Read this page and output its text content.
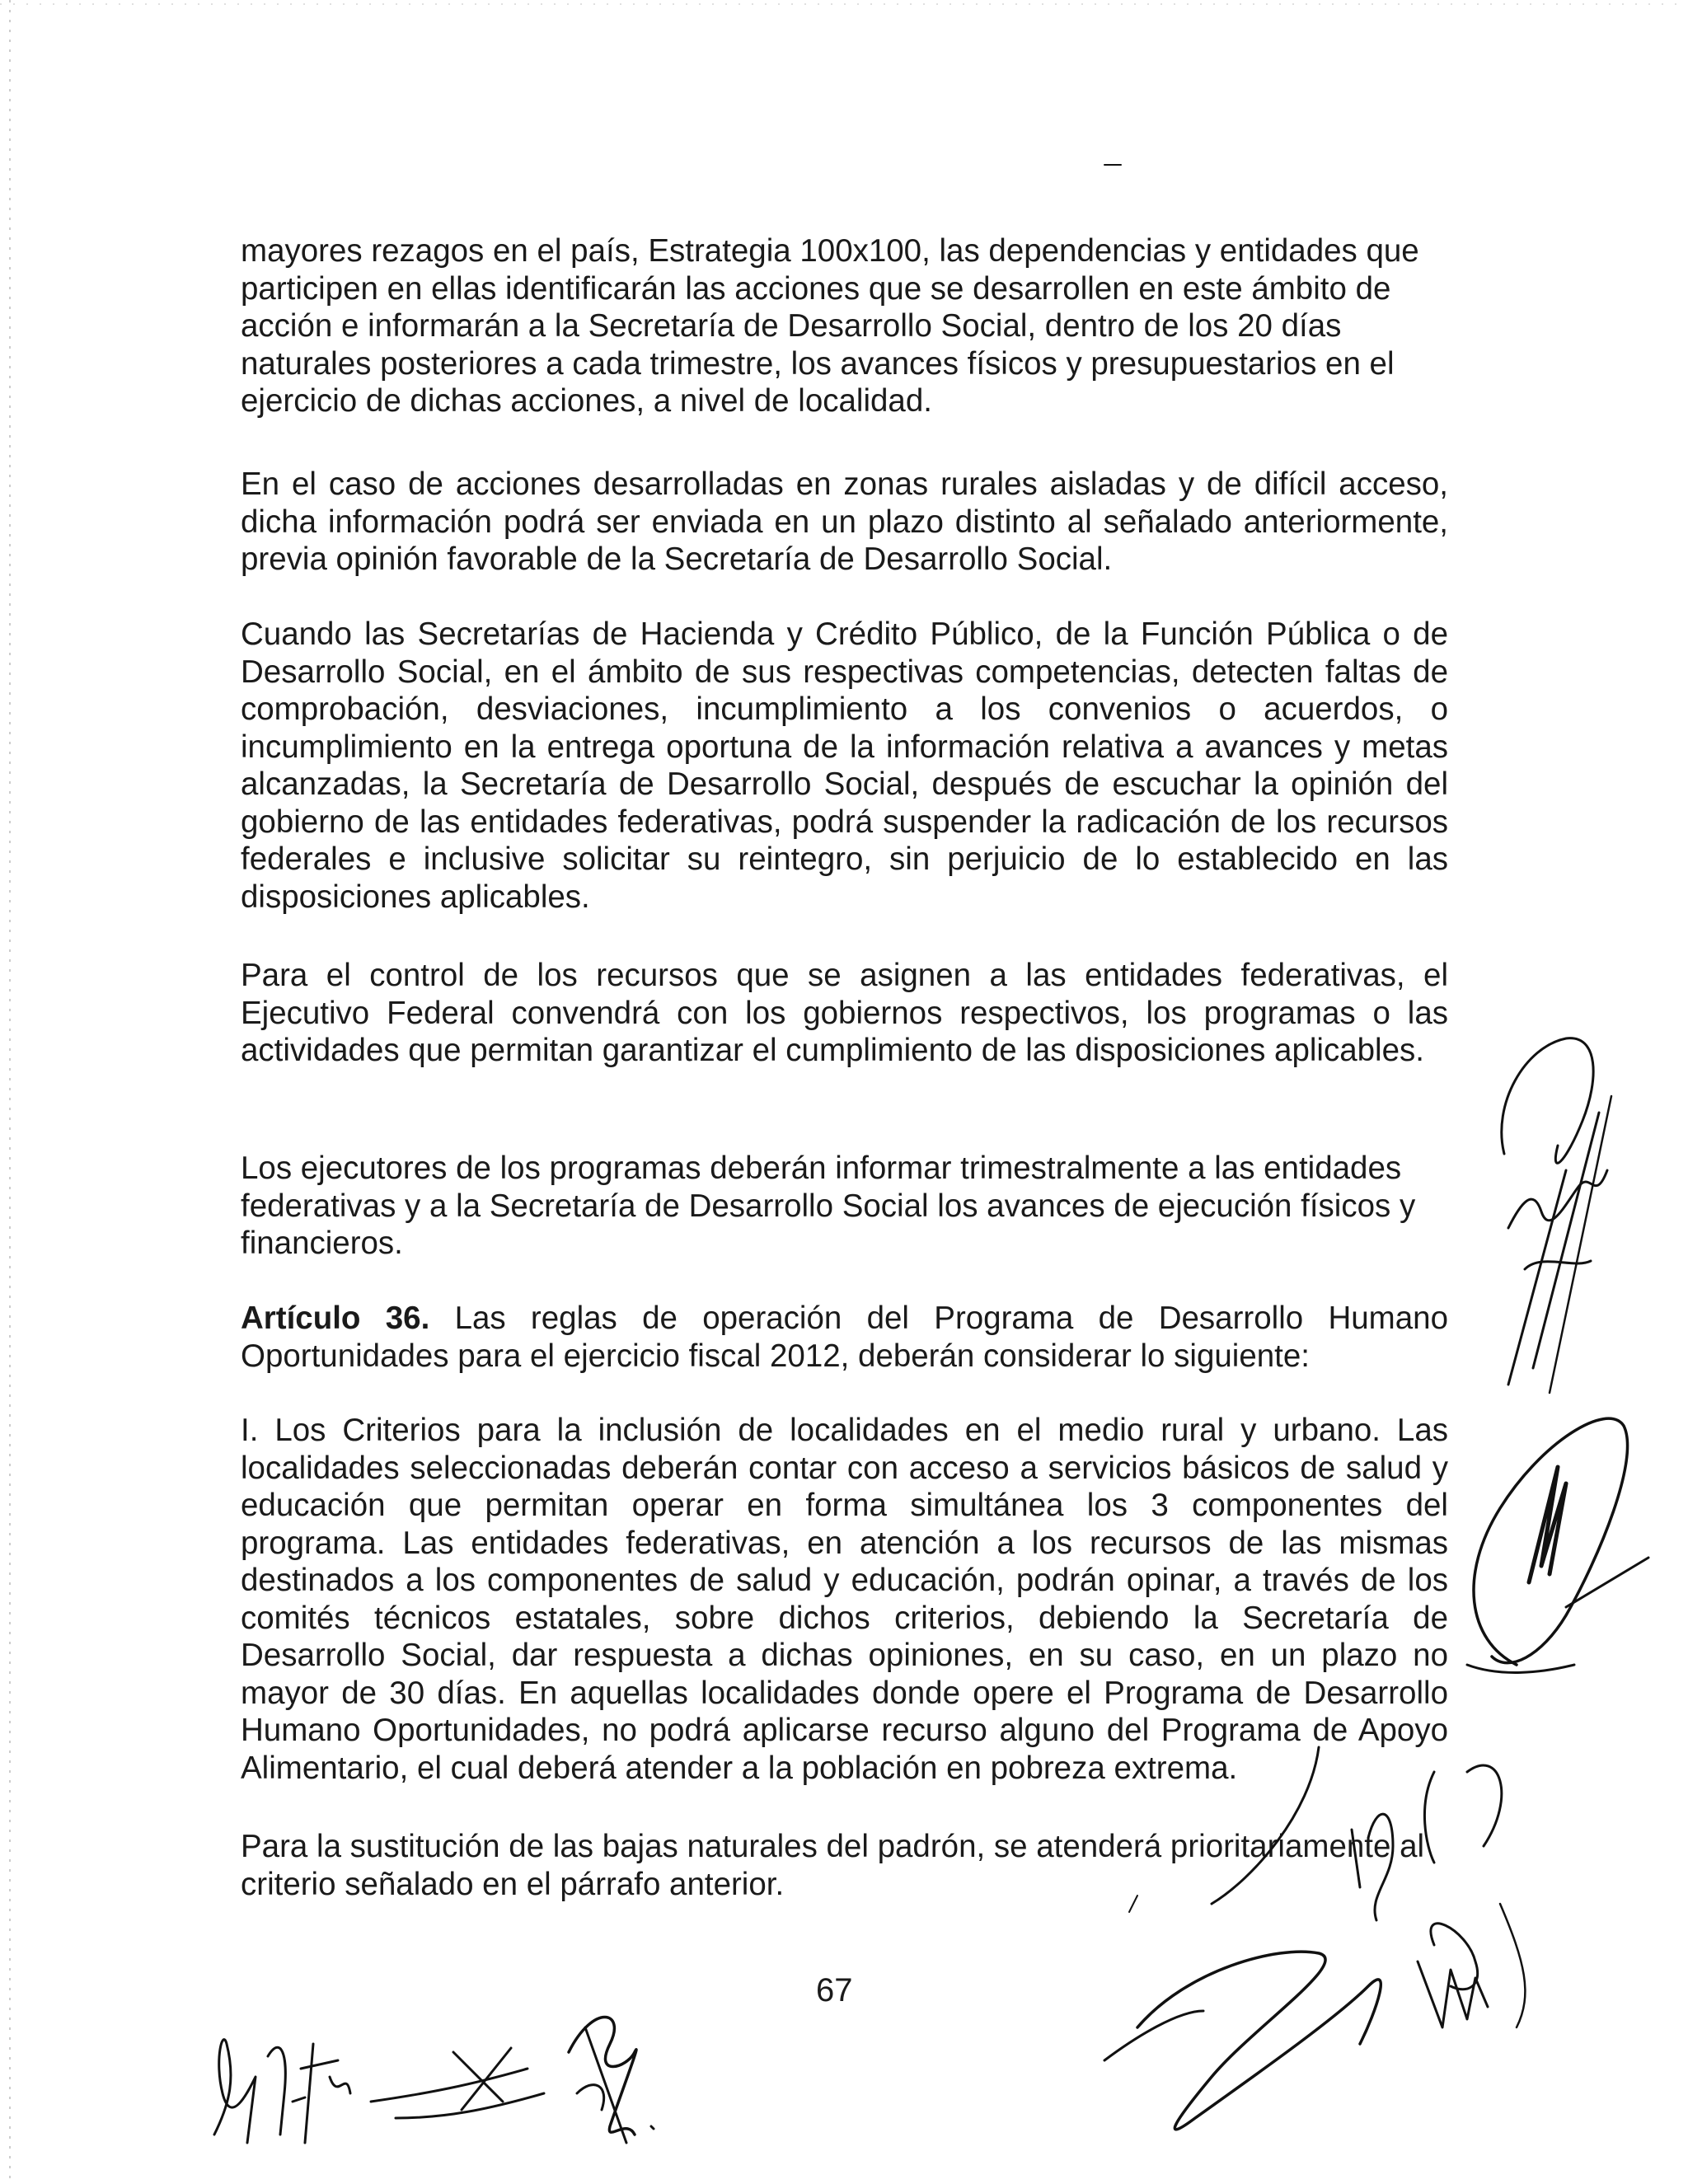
mayores rezagos en el país, Estrategia 100x100, las dependencias y entidades que participen en ellas identificarán las acciones que se desarrollen en este ámbito de acción e informarán a la Secretaría de Desarrollo Social, dentro de los 20 días naturales posteriores a cada trimestre, los avances físicos y presupuestarios en el ejercicio de dichas acciones, a nivel de localidad.

En el caso de acciones desarrolladas en zonas rurales aisladas y de difícil acceso, dicha información podrá ser enviada en un plazo distinto al señalado anteriormente, previa opinión favorable de la Secretaría de Desarrollo Social.

Cuando las Secretarías de Hacienda y Crédito Público, de la Función Pública o de Desarrollo Social, en el ámbito de sus respectivas competencias, detecten faltas de comprobación, desviaciones, incumplimiento a los convenios o acuerdos, o incumplimiento en la entrega oportuna de la información relativa a avances y metas alcanzadas, la Secretaría de Desarrollo Social, después de escuchar la opinión del gobierno de las entidades federativas, podrá suspender la radicación de los recursos federales e inclusive solicitar su reintegro, sin perjuicio de lo establecido en las disposiciones aplicables.

Para el control de los recursos que se asignen a las entidades federativas, el Ejecutivo Federal convendrá con los gobiernos respectivos, los programas o las actividades que permitan garantizar el cumplimiento de las disposiciones aplicables.

Los ejecutores de los programas deberán informar trimestralmente a las entidades federativas y a la Secretaría de Desarrollo Social los avances de ejecución físicos y financieros.

Artículo 36. Las reglas de operación del Programa de Desarrollo Humano Oportunidades para el ejercicio fiscal 2012, deberán considerar lo siguiente:

I. Los Criterios para la inclusión de localidades en el medio rural y urbano. Las localidades seleccionadas deberán contar con acceso a servicios básicos de salud y educación que permitan operar en forma simultánea los 3 componentes del programa. Las entidades federativas, en atención a los recursos de las mismas destinados a los componentes de salud y educación, podrán opinar, a través de los comités técnicos estatales, sobre dichos criterios, debiendo la Secretaría de Desarrollo Social, dar respuesta a dichas opiniones, en su caso, en un plazo no mayor de 30 días. En aquellas localidades donde opere el Programa de Desarrollo Humano Oportunidades, no podrá aplicarse recurso alguno del Programa de Apoyo Alimentario, el cual deberá atender a la población en pobreza extrema.

Para la sustitución de las bajas naturales del padrón, se atenderá prioritariamente al criterio señalado en el párrafo anterior.

67
